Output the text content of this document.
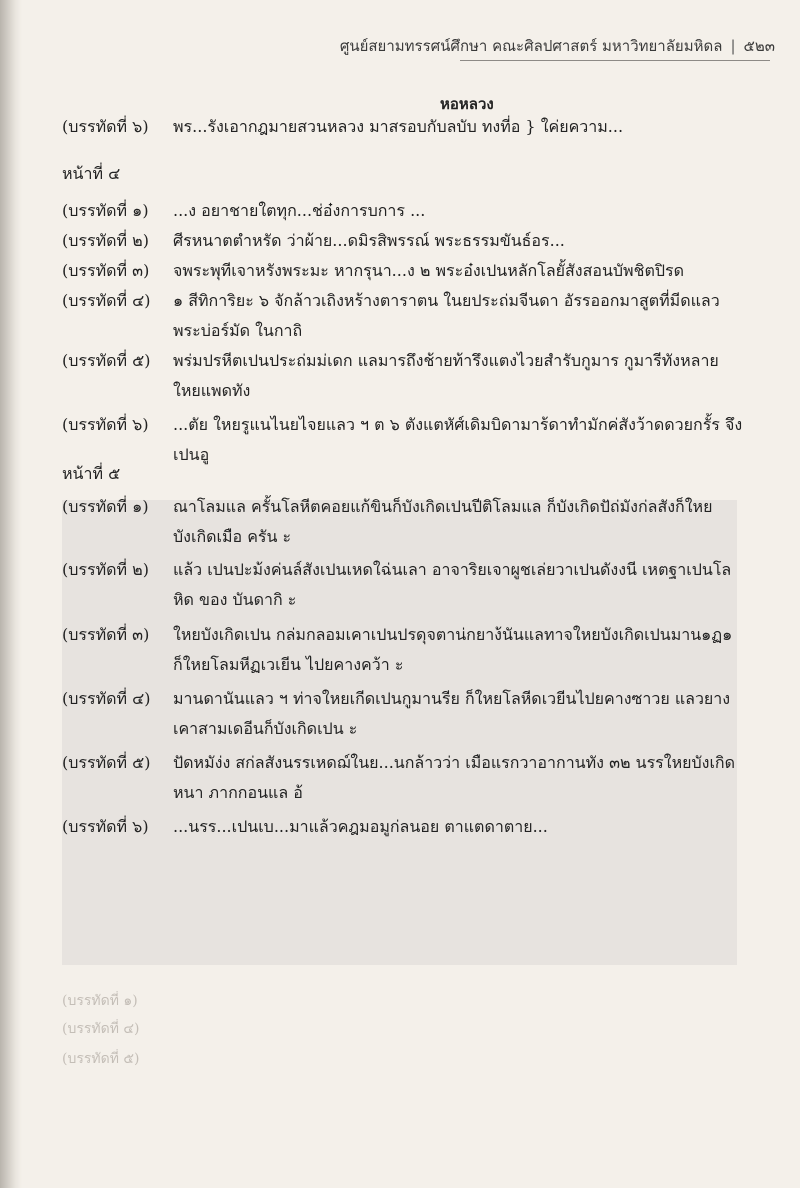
ศูนย์สยามทรรศน์ศึกษา คณะศิลปศาสตร์ มหาวิทยาลัยมหิดล | ๕๒๓
หอหลวง
(บรรทัดที่ ๖) พร...รังเอากฎมายสวนหลวง มาสรอบกับลบับ ทงที่อ } ใค่ยความ...
หน้าที่ ๔
(บรรทัดที่ ๑) ...ง อยาชายใตทุก...ช่อ๋งการบการ ...
(บรรทัดที่ ๒) ศีรหนาตตำหรัด ว่าผ้าย...ดมิรสิพรรณ์ พระธรรมขันธ์อร...
(บรรทัดที่ ๓) จพระพุทีเจาหรังพระมะ หากรุนา...ง ๒ พระอ๋งเปนหลักโลยั้สังสอนบัพชิตปิรด
(บรรทัดที่ ๔) ๑ สีทิการิยะ ๖ จักล้าวเถิงหร้างตาราตน ในยประถ่มจีนดา อัรรออกมาสูตที่มีดแลว พระบ่อร์มัด ในกาถิ
(บรรทัดที่ ๕) พร่มปรหีตเปนประถ่มม่เดก แลมารถึงช้ายท้ารึงแตงไวยสำรับกูมาร กูมารีทังหลายใหยแพดทัง
(บรรทัดที่ ๖) ...ตัย ใหยรูแนไนยไจยแลว ฯ ต ๖ ตังแตหัศ์เดิมบิดามาร้ดาทำมักค่สังว้าดดวยกรั้ร จึงเปนอู
หน้าที่ ๕
(บรรทัดที่ ๑) ณาโลมแล ครั้นโลหีตคอยแก้ขินก็บังเกิดเปนปีติโลมแล ก็บังเกิดปัถ่มังก่ลสังก็ใหยบังเกิดเมือ ครัน ะ
(บรรทัดที่ ๒) แล้ว เปนปะม้งค่นล์สังเปนเหดใฉ่นเลา อาจาริยเจาผูชเล่ยวาเปนดังงนี เหตฐาเปนโลหิด ของ บันดากิ ะ
(บรรทัดที่ ๓) ใหยบังเกิดเปน กล่มกลอมเคาเปนปรดุจตาน่กยาง้นันแลทาจใหยบังเกิดเปนมาน๑ฏ๑ ก็ใหยโลมหีฏเวเยีน ไปยคางคว้า ะ
(บรรทัดที่ ๔) มานดานันแลว ฯ ท่าจใหยเกีดเปนกูมานรีย ก็ใหยโลหีดเวยีนไปยคางซาวย แลวยางเคาสามเดอีนก็บังเกิดเปน ะ
(บรรทัดที่ ๕) ปัดหมัง่ง สก่ลสังนรรเหดฌ์ในย...นกล้าวว่า เมือแรกวาอากานทัง ๓๒ นรรใหยบังเกิดหนา ภากกอนแล อ้
(บรรทัดที่ ๖) ...นรร...เปนเบ...มาแล้วคฎมอมูก่ลนอย ตาแตดาตาย...
(บรรทัดที่ ๑)
(บรรทัดที่ ๔)
(บรรทัดที่ ๕)
